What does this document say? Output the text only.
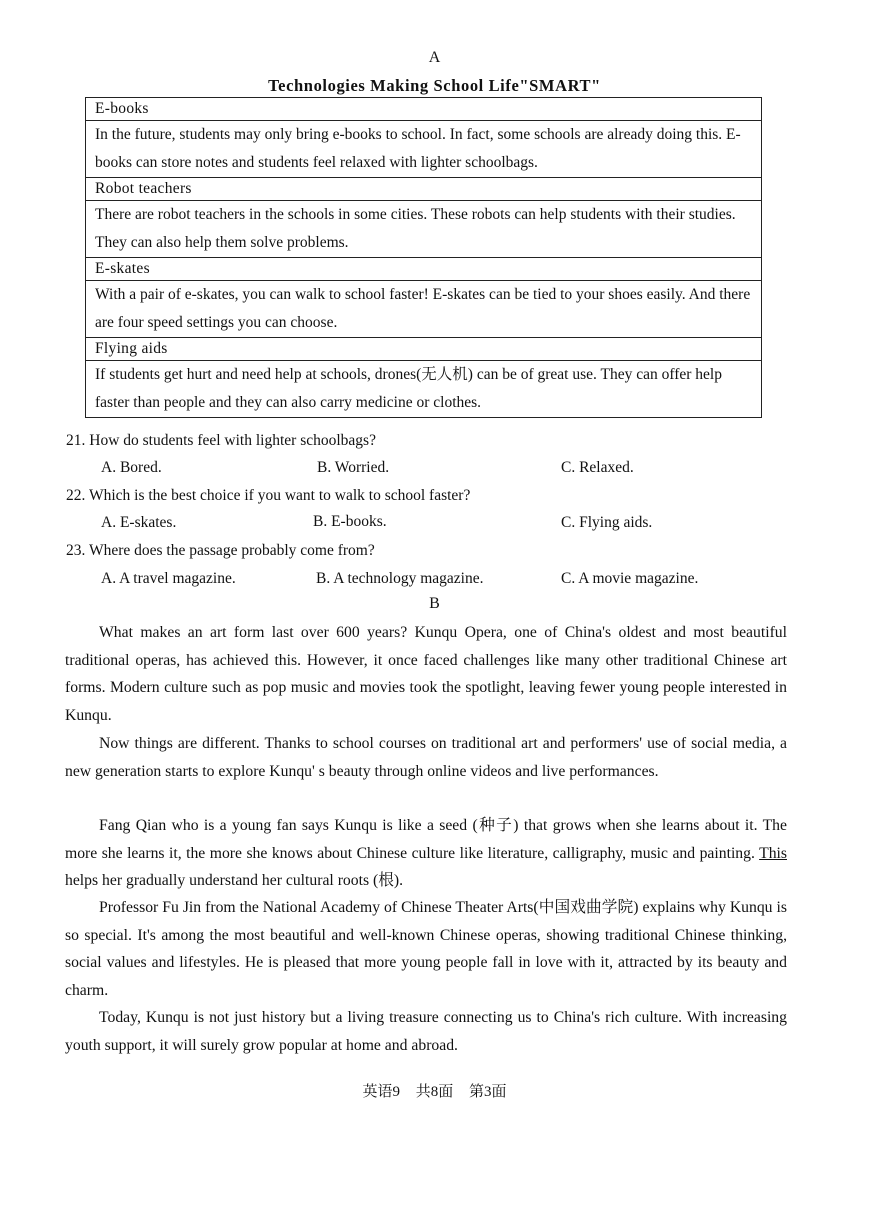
A
Technologies Making School Life"SMART"
E-books
In the future, students may only bring e-books to school. In fact, some schools are already doing this. E-books can store notes and students feel relaxed with lighter schoolbags.
Robot teachers
There are robot teachers in the schools in some cities. These robots can help students with their studies. They can also help them solve problems.
E-skates
With a pair of e-skates, you can walk to school faster! E-skates can be tied to your shoes easily. And there are four speed settings you can choose.
Flying aids
If students get hurt and need help at schools, drones(无人机) can be of great use. They can offer help faster than people and they can also carry medicine or clothes.
21. How do students feel with lighter schoolbags?
A. Bored.	B. Worried.	C. Relaxed.
22. Which is the best choice if you want to walk to school faster?
A. E-skates.	B. E-books.	C. Flying aids.
23. Where does the passage probably come from?
A. A travel magazine.	B. A technology magazine.	C. A movie magazine.
B

What makes an art form last over 600 years? Kunqu Opera, one of China's oldest and most beautiful traditional operas, has achieved this. However, it once faced challenges like many other traditional Chinese art forms. Modern culture such as pop music and movies took the spotlight, leaving fewer young people interested in Kunqu.

Now things are different. Thanks to school courses on traditional art and performers' use of social media, a new generation starts to explore Kunqu' s beauty through online videos and live performances.

Fang Qian who is a young fan says Kunqu is like a seed (种子) that grows when she learns about it. The more she learns it, the more she knows about Chinese culture like literature, calligraphy, music and painting. This helps her gradually understand her cultural roots (根).

Professor Fu Jin from the National Academy of Chinese Theater Arts(中国戏曲学院) explains why Kunqu is so special. It's among the most beautiful and well-known Chinese operas, showing traditional Chinese thinking, social values and lifestyles. He is pleased that more young people fall in love with it, attracted by its beauty and charm.

Today, Kunqu is not just history but a living treasure connecting us to China's rich culture. With increasing youth support, it will surely grow popular at home and abroad.

英语9 共8面 第3面
